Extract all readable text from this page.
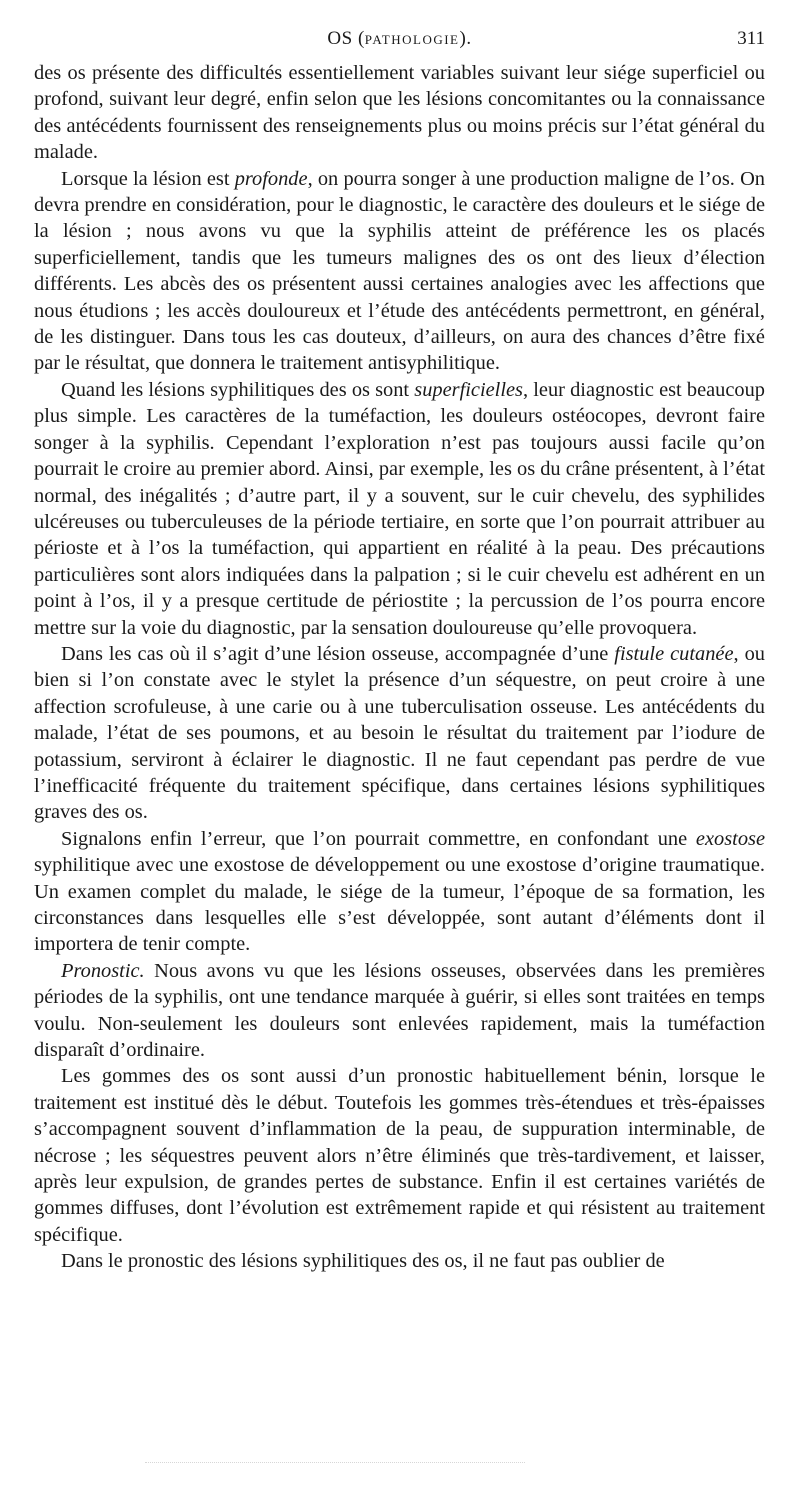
OS (PATHOLOGIE).	311

des os présente des difficultés essentiellement variables suivant leur siége superficiel ou profond, suivant leur degré, enfin selon que les lésions concomitantes ou la connaissance des antécédents fournissent des renseignements plus ou moins précis sur l’état général du malade.

Lorsque la lésion est profonde, on pourra songer à une production maligne de l’os. On devra prendre en considération, pour le diagnostic, le caractère des douleurs et le siége de la lésion ; nous avons vu que la syphilis atteint de préférence les os placés superficiellement, tandis que les tumeurs malignes des os ont des lieux d’élection différents. Les abcès des os présentent aussi certaines analogies avec les affections que nous étudions ; les accès douloureux et l’étude des antécédents permettront, en général, de les distinguer. Dans tous les cas douteux, d’ailleurs, on aura des chances d’être fixé par le résultat, que donnera le traitement antisyphilitique.

Quand les lésions syphilitiques des os sont superficielles, leur diagnostic est beaucoup plus simple. Les caractères de la tuméfaction, les douleurs ostéocopes, devront faire songer à la syphilis. Cependant l’exploration n’est pas toujours aussi facile qu’on pourrait le croire au premier abord. Ainsi, par exemple, les os du crâne présentent, à l’état normal, des inégalités ; d’autre part, il y a souvent, sur le cuir chevelu, des syphilides ulcéreuses ou tuberculeuses de la période tertiaire, en sorte que l’on pourrait attribuer au périoste et à l’os la tuméfaction, qui appartient en réalité à la peau. Des précautions particulières sont alors indiquées dans la palpation ; si le cuir chevelu est adhérent en un point à l’os, il y a presque certitude de périostite ; la percussion de l’os pourra encore mettre sur la voie du diagnostic, par la sensation douloureuse qu’elle provoquera.

Dans les cas où il s’agit d’une lésion osseuse, accompagnée d’une fistule cutanée, ou bien si l’on constate avec le stylet la présence d’un séquestre, on peut croire à une affection scrofuleuse, à une carie ou à une tuberculisation osseuse. Les antécédents du malade, l’état de ses poumons, et au besoin le résultat du traitement par l’iodure de potassium, serviront à éclairer le diagnostic. Il ne faut cependant pas perdre de vue l’inefficacité fréquente du traitement spécifique, dans certaines lésions syphilitiques graves des os.

Signalons enfin l’erreur, que l’on pourrait commettre, en confondant une exostose syphilitique avec une exostose de développement ou une exostose d’origine traumatique. Un examen complet du malade, le siége de la tumeur, l’époque de sa formation, les circonstances dans lesquelles elle s’est développée, sont autant d’éléments dont il importera de tenir compte.

Pronostic. Nous avons vu que les lésions osseuses, observées dans les premières périodes de la syphilis, ont une tendance marquée à guérir, si elles sont traitées en temps voulu. Non-seulement les douleurs sont enlevées rapidement, mais la tuméfaction disparaît d’ordinaire.

Les gommes des os sont aussi d’un pronostic habituellement bénin, lorsque le traitement est institué dès le début. Toutefois les gommes très-étendues et très-épaisses s’accompagnent souvent d’inflammation de la peau, de suppuration interminable, de nécrose ; les séquestres peuvent alors n’être éliminés que très-tardivement, et laisser, après leur expulsion, de grandes pertes de substance. Enfin il est certaines variétés de gommes diffuses, dont l’évolution est extrêmement rapide et qui résistent au traitement spécifique.

Dans le pronostic des lésions syphilitiques des os, il ne faut pas oublier de
